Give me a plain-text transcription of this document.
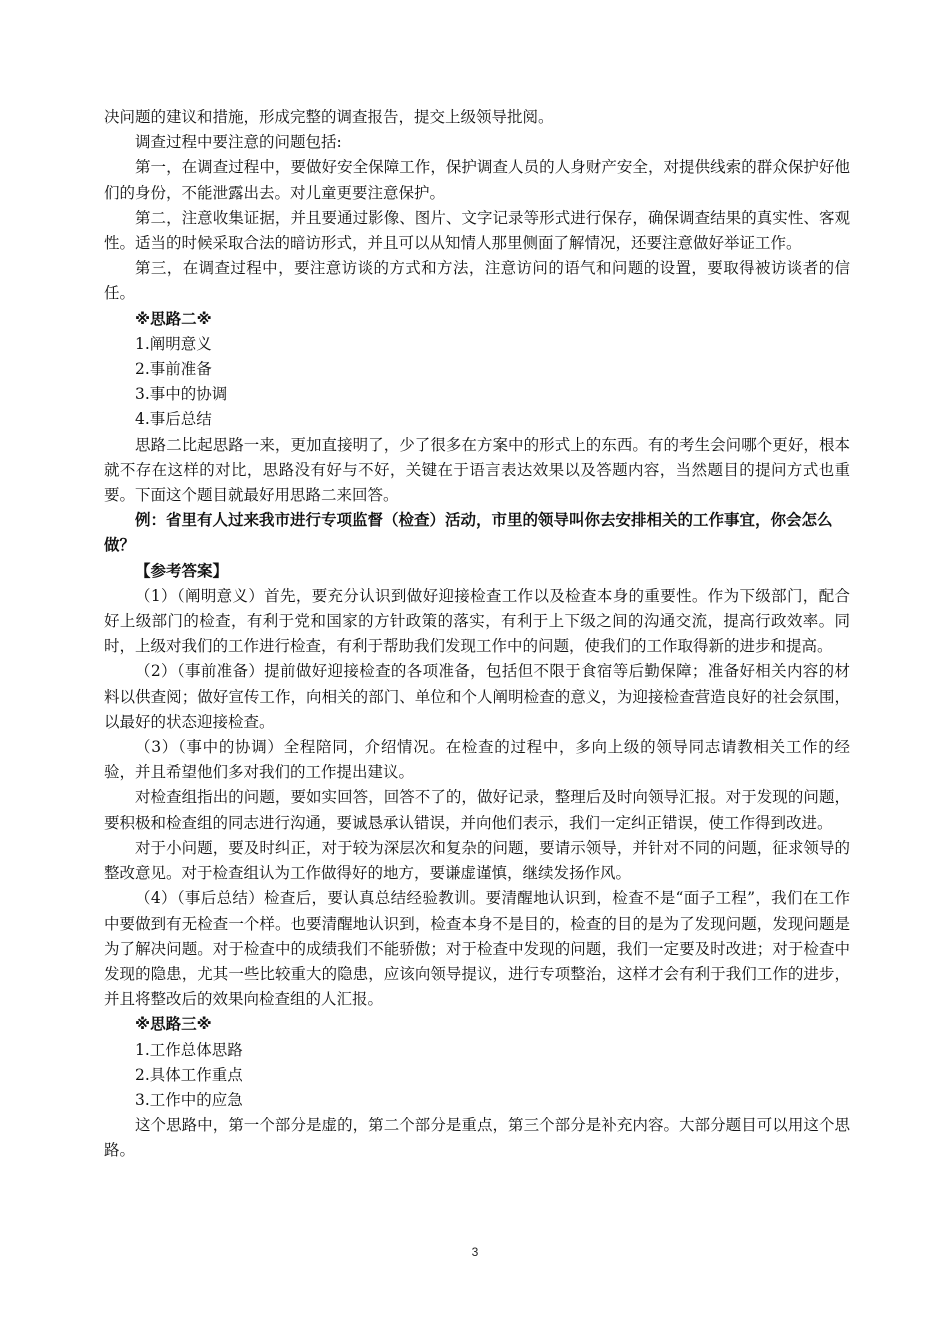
决问题的建议和措施，形成完整的调查报告，提交上级领导批阅。

调查过程中要注意的问题包括:

第一，在调查过程中，要做好安全保障工作，保护调查人员的人身财产安全，对提供线索的群众保护好他们的身份，不能泄露出去。对儿童更要注意保护。

第二，注意收集证据，并且要通过影像、图片、文字记录等形式进行保存，确保调查结果的真实性、客观性。适当的时候采取合法的暗访形式，并且可以从知情人那里侧面了解情况，还要注意做好举证工作。

第三，在调查过程中，要注意访谈的方式和方法，注意访问的语气和问题的设置，要取得被访谈者的信任。

※思路二※

1.阐明意义

2.事前准备

3.事中的协调

4.事后总结

思路二比起思路一来，更加直接明了，少了很多在方案中的形式上的东西。有的考生会问哪个更好，根本就不存在这样的对比，思路没有好与不好，关键在于语言表达效果以及答题内容，当然题目的提问方式也重要。下面这个题目就最好用思路二来回答。

例：省里有人过来我市进行专项监督（检查）活动，市里的领导叫你去安排相关的工作事宜，你会怎么做？

【参考答案】

（1）（阐明意义）首先，要充分认识到做好迎接检查工作以及检查本身的重要性。作为下级部门，配合好上级部门的检查，有利于党和国家的方针政策的落实，有利于上下级之间的沟通交流，提高行政效率。同时，上级对我们的工作进行检查，有利于帮助我们发现工作中的问题，使我们的工作取得新的进步和提高。

（2）（事前准备）提前做好迎接检查的各项准备，包括但不限于食宿等后勤保障；准备好相关内容的材料以供查阅；做好宣传工作，向相关的部门、单位和个人阐明检查的意义，为迎接检查营造良好的社会氛围，以最好的状态迎接检查。

（3）（事中的协调）全程陪同，介绍情况。在检查的过程中，多向上级的领导同志请教相关工作的经验，并且希望他们多对我们的工作提出建议。

对检查组指出的问题，要如实回答，回答不了的，做好记录，整理后及时向领导汇报。对于发现的问题，要积极和检查组的同志进行沟通，要诚恳承认错误，并向他们表示，我们一定纠正错误，使工作得到改进。

对于小问题，要及时纠正，对于较为深层次和复杂的问题，要请示领导，并针对不同的问题，征求领导的整改意见。对于检查组认为工作做得好的地方，要谦虚谨慎，继续发扬作风。

（4）（事后总结）检查后，要认真总结经验教训。要清醒地认识到，检查不是“面子工程”，我们在工作中要做到有无检查一个样。也要清醒地认识到，检查本身不是目的，检查的目的是为了发现问题，发现问题是为了解决问题。对于检查中的成绩我们不能骄傲；对于检查中发现的问题，我们一定要及时改进；对于检查中发现的隐患，尤其一些比较重大的隐患，应该向领导提议，进行专项整治，这样才会有利于我们工作的进步，并且将整改后的效果向检查组的人汇报。

※思路三※

1.工作总体思路

2.具体工作重点

3.工作中的应急

这个思路中，第一个部分是虚的，第二个部分是重点，第三个部分是补充内容。大部分题目可以用这个思路。

3
